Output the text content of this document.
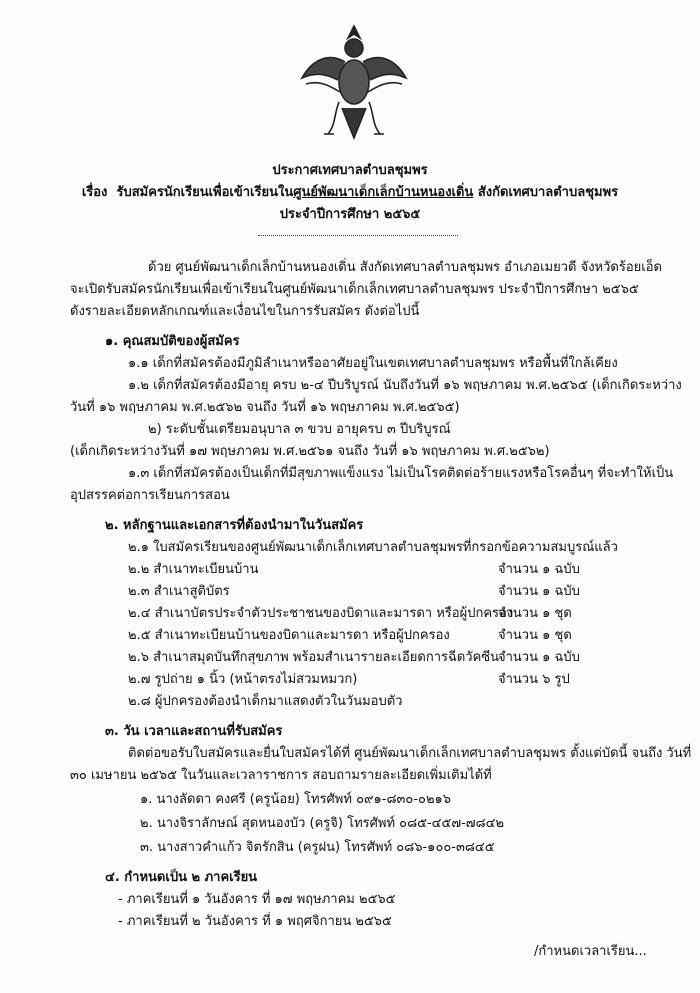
ประกาศเทศบาลตำบลชุมพร
เรื่อง รับสมัครนักเรียนเพื่อเข้าเรียนในศูนย์พัฒนาเด็กเล็กบ้านหนองเดิ่น สังกัดเทศบาลตำบลชุมพร
ประจำปีการศึกษา ๒๕๖๕
ด้วย ศูนย์พัฒนาเด็กเล็กบ้านหนองเดิ่น สังกัดเทศบาลตำบลชุมพร อำเภอเมยวดี จังหวัดร้อยเอ็ด
จะเปิดรับสมัครนักเรียนเพื่อเข้าเรียนในศูนย์พัฒนาเด็กเล็กเทศบาลตำบลชุมพร ประจำปีการศึกษา ๒๕๖๕
ดังรายละเอียดหลักเกณฑ์และเงื่อนไขในการรับสมัคร ดังต่อไปนี้
๑. คุณสมบัติของผู้สมัคร
๑.๑ เด็กที่สมัครต้องมีภูมิลำเนาหรืออาศัยอยู่ในเขตเทศบาลตำบลชุมพร หรือพื้นที่ใกล้เคียง
๑.๒ เด็กที่สมัครต้องมีอายุ ครบ ๒-๔ ปีบริบูรณ์ นับถึงวันที่ ๑๖ พฤษภาคม พ.ศ.๒๕๖๕ (เด็กเกิดระหว่าง
วันที่ ๑๖ พฤษภาคม พ.ศ.๒๕๖๒ จนถึง วันที่ ๑๖ พฤษภาคม พ.ศ.๒๕๖๕)
๒) ระดับชั้นเตรียมอนุบาล ๓ ขวบ อายุครบ ๓ ปีบริบูรณ์
(เด็กเกิดระหว่างวันที่ ๑๗ พฤษภาคม พ.ศ.๒๕๖๑ จนถึง วันที่ ๑๖ พฤษภาคม พ.ศ.๒๕๖๒)
๑.๓ เด็กที่สมัครต้องเป็นเด็กที่มีสุขภาพแข็งแรง ไม่เป็นโรคติดต่อร้ายแรงหรือโรคอื่นๆ ที่จะทำให้เป็น
อุปสรรคต่อการเรียนการสอน
๒. หลักฐานและเอกสารที่ต้องนำมาในวันสมัคร
๒.๑ ใบสมัครเรียนของศูนย์พัฒนาเด็กเล็กเทศบาลตำบลชุมพรที่กรอกข้อความสมบูรณ์แล้ว
๒.๒ สำเนาทะเบียนบ้าน	จำนวน ๑ ฉบับ
๒.๓ สำเนาสูติบัตร	จำนวน ๑ ฉบับ
๒.๔ สำเนาบัตรประจำตัวประชาชนของบิดาและมารดา หรือผู้ปกครอง
จำนวน ๑ ชุด
๒.๕ สำเนาทะเบียนบ้านของบิดาและมารดา หรือผู้ปกครอง	จำนวน ๑ ชุด
๒.๖ สำเนาสมุดบันทึกสุขภาพ พร้อมสำเนารายละเอียดการฉีดวัคซีน จำนวน ๑ ฉบับ
๒.๗ รูปถ่าย ๑ นิ้ว (หน้าตรงไม่สวมหมวก)	จำนวน ๖ รูป
๒.๘ ผู้ปกครองต้องนำเด็กมาแสดงตัวในวันมอบตัว
๓. วัน เวลาและสถานที่รับสมัคร
ติดต่อขอรับใบสมัครและยื่นใบสมัครได้ที่ ศูนย์พัฒนาเด็กเล็กเทศบาลตำบลชุมพร ตั้งแต่บัดนี้ จนถึง วันที่
๓๐ เมษายน ๒๕๖๕ ในวันและเวลาราชการ สอบถามรายละเอียดเพิ่มเติมได้ที่
๑. นางลัดดา คงศรี (ครูน้อย) โทรศัพท์ ๐๙๑-๘๓๐-๐๒๑๖
๒. นางจิราลักษณ์ สุดหนองบัว (ครูจิ) โทรศัพท์ ๐๘๕-๔๕๗-๗๘๔๒
๓. นางสาวคำแก้ว จิตรักสิน (ครูฝน) โทรศัพท์ ๐๘๖-๑๐๐-๓๘๔๕
๔. กำหนดเป็น ๒ ภาคเรียน
- ภาคเรียนที่ ๑ วันอังคาร ที่ ๑๗ พฤษภาคม ๒๕๖๕
- ภาคเรียนที่ ๒ วันอังคาร ที่ ๑ พฤศจิกายน ๒๕๖๕
/กำหนดเวลาเรียน...
